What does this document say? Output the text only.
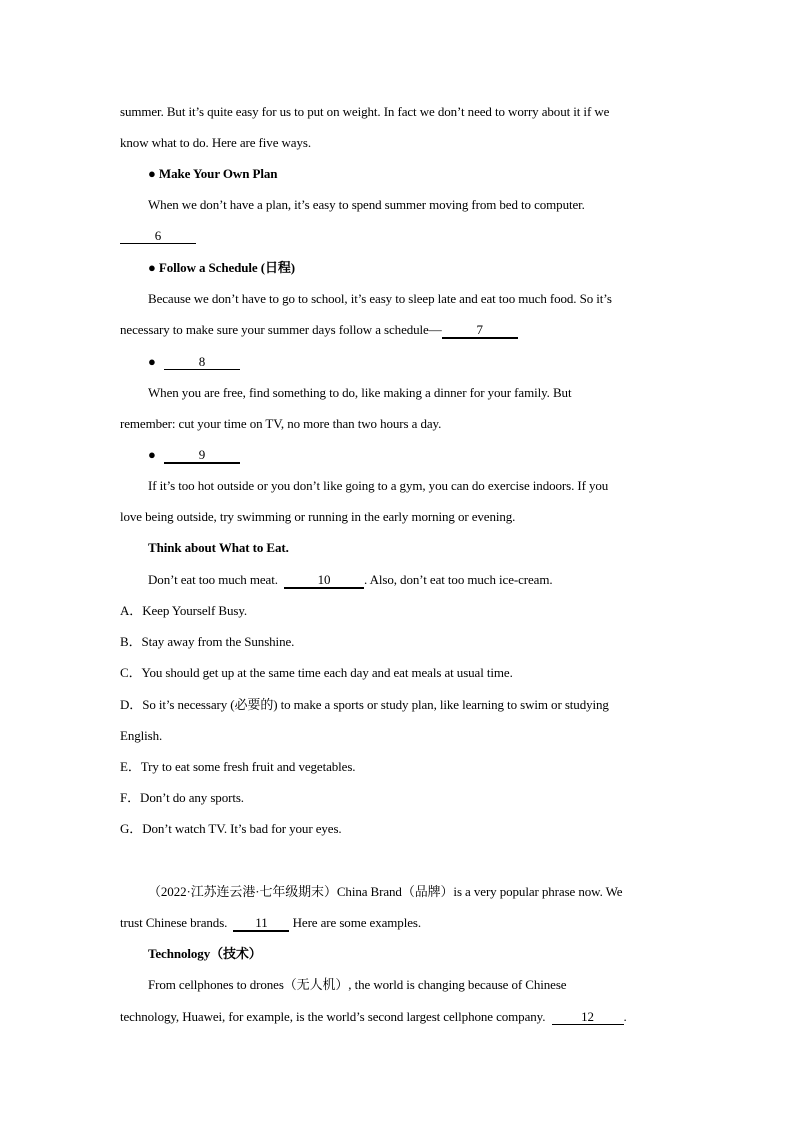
summer. But it’s quite easy for us to put on weight. In fact we don’t need to worry about it if we
know what to do. Here are five ways.
● Make Your Own Plan
When we don’t have a plan, it’s easy to spend summer moving from bed to computer.
6
● Follow a Schedule (日程)
Because we don’t have to go to school, it’s easy to sleep late and eat too much food. So it’s
necessary to make sure your summer days follow a schedule—	7
●	8
When you are free, find something to do, like making a dinner for your family. But
remember: cut your time on TV, no more than two hours a day.
●	9
If it’s too hot outside or you don’t like going to a gym, you can do exercise indoors. If you
love being outside, try swimming or running in the early morning or evening.
Think about What to Eat.
Don’t eat too much meat.	10	. Also, don’t eat too much ice-cream.
A．Keep Yourself Busy.
B．Stay away from the Sunshine.
C．You should get up at the same time each day and eat meals at usual time.
D．So it’s necessary (必要的) to make a sports or study plan, like learning to swim or studying
English.
E．Try to eat some fresh fruit and vegetables.
F．Don’t do any sports.
G．Don’t watch TV. It’s bad for your eyes.
（2022·江苏连云港·七年级期末）China Brand（品牌）is a very popular phrase now. We
trust Chinese brands. 11 Here are some examples.
Technology（技术）
From cellphones to drones（无人机）, the world is changing because of Chinese
technology, Huawei, for example, is the world’s second largest cellphone company.	12 .
